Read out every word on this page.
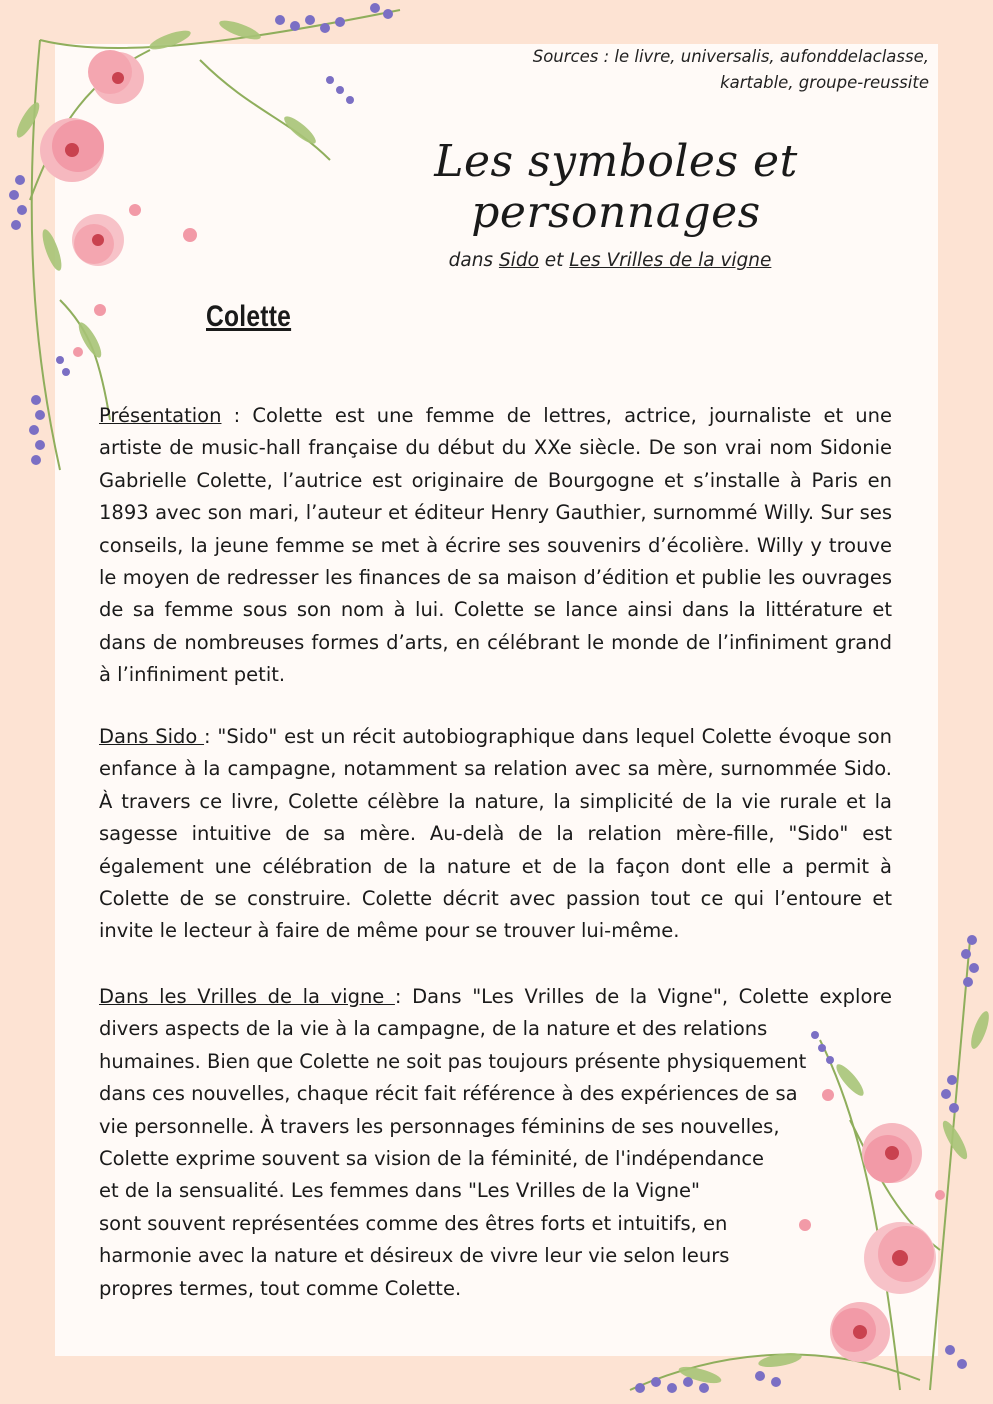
Sources : le livre, universalis, aufonddelaclasse,
kartable, groupe-reussite
Les symboles et personnages
dans Sido et Les Vrilles de la vigne
Colette
Présentation : Colette est une femme de lettres, actrice, journaliste et une artiste de music-hall française du début du XXe siècle. De son vrai nom Sidonie Gabrielle Colette, l’autrice est originaire de Bourgogne et s’installe à Paris en 1893 avec son mari, l’auteur et éditeur Henry Gauthier, surnommé Willy. Sur ses conseils, la jeune femme se met à écrire ses souvenirs d’écolière. Willy y trouve le moyen de redresser les finances de sa maison d’édition et publie les ouvrages de sa femme sous son nom à lui. Colette se lance ainsi dans la littérature et dans de nombreuses formes d’arts, en célébrant le monde de l’infiniment grand à l’infiniment petit.
Dans Sido : "Sido" est un récit autobiographique dans lequel Colette évoque son enfance à la campagne, notamment sa relation avec sa mère, surnommée Sido. À travers ce livre, Colette célèbre la nature, la simplicité de la vie rurale et la sagesse intuitive de sa mère. Au-delà de la relation mère-fille, "Sido" est également une célébration de la nature et de la façon dont elle a permit à Colette de se construire. Colette décrit avec passion tout ce qui l’entoure et invite le lecteur à faire de même pour se trouver lui-même.
Dans les Vrilles de la vigne : Dans "Les Vrilles de la Vigne", Colette explore divers aspects de la vie à la campagne, de la nature et des relations
humaines. Bien que Colette ne soit pas toujours présente physiquement
dans ces nouvelles, chaque récit fait référence à des expériences de sa
vie personnelle. À travers les personnages féminins de ses nouvelles,
Colette exprime souvent sa vision de la féminité, de l'indépendance
et de la sensualité. Les femmes dans "Les Vrilles de la Vigne"
sont souvent représentées comme des êtres forts et intuitifs, en
harmonie avec la nature et désireux de vivre leur vie selon leurs
propres termes, tout comme Colette.
